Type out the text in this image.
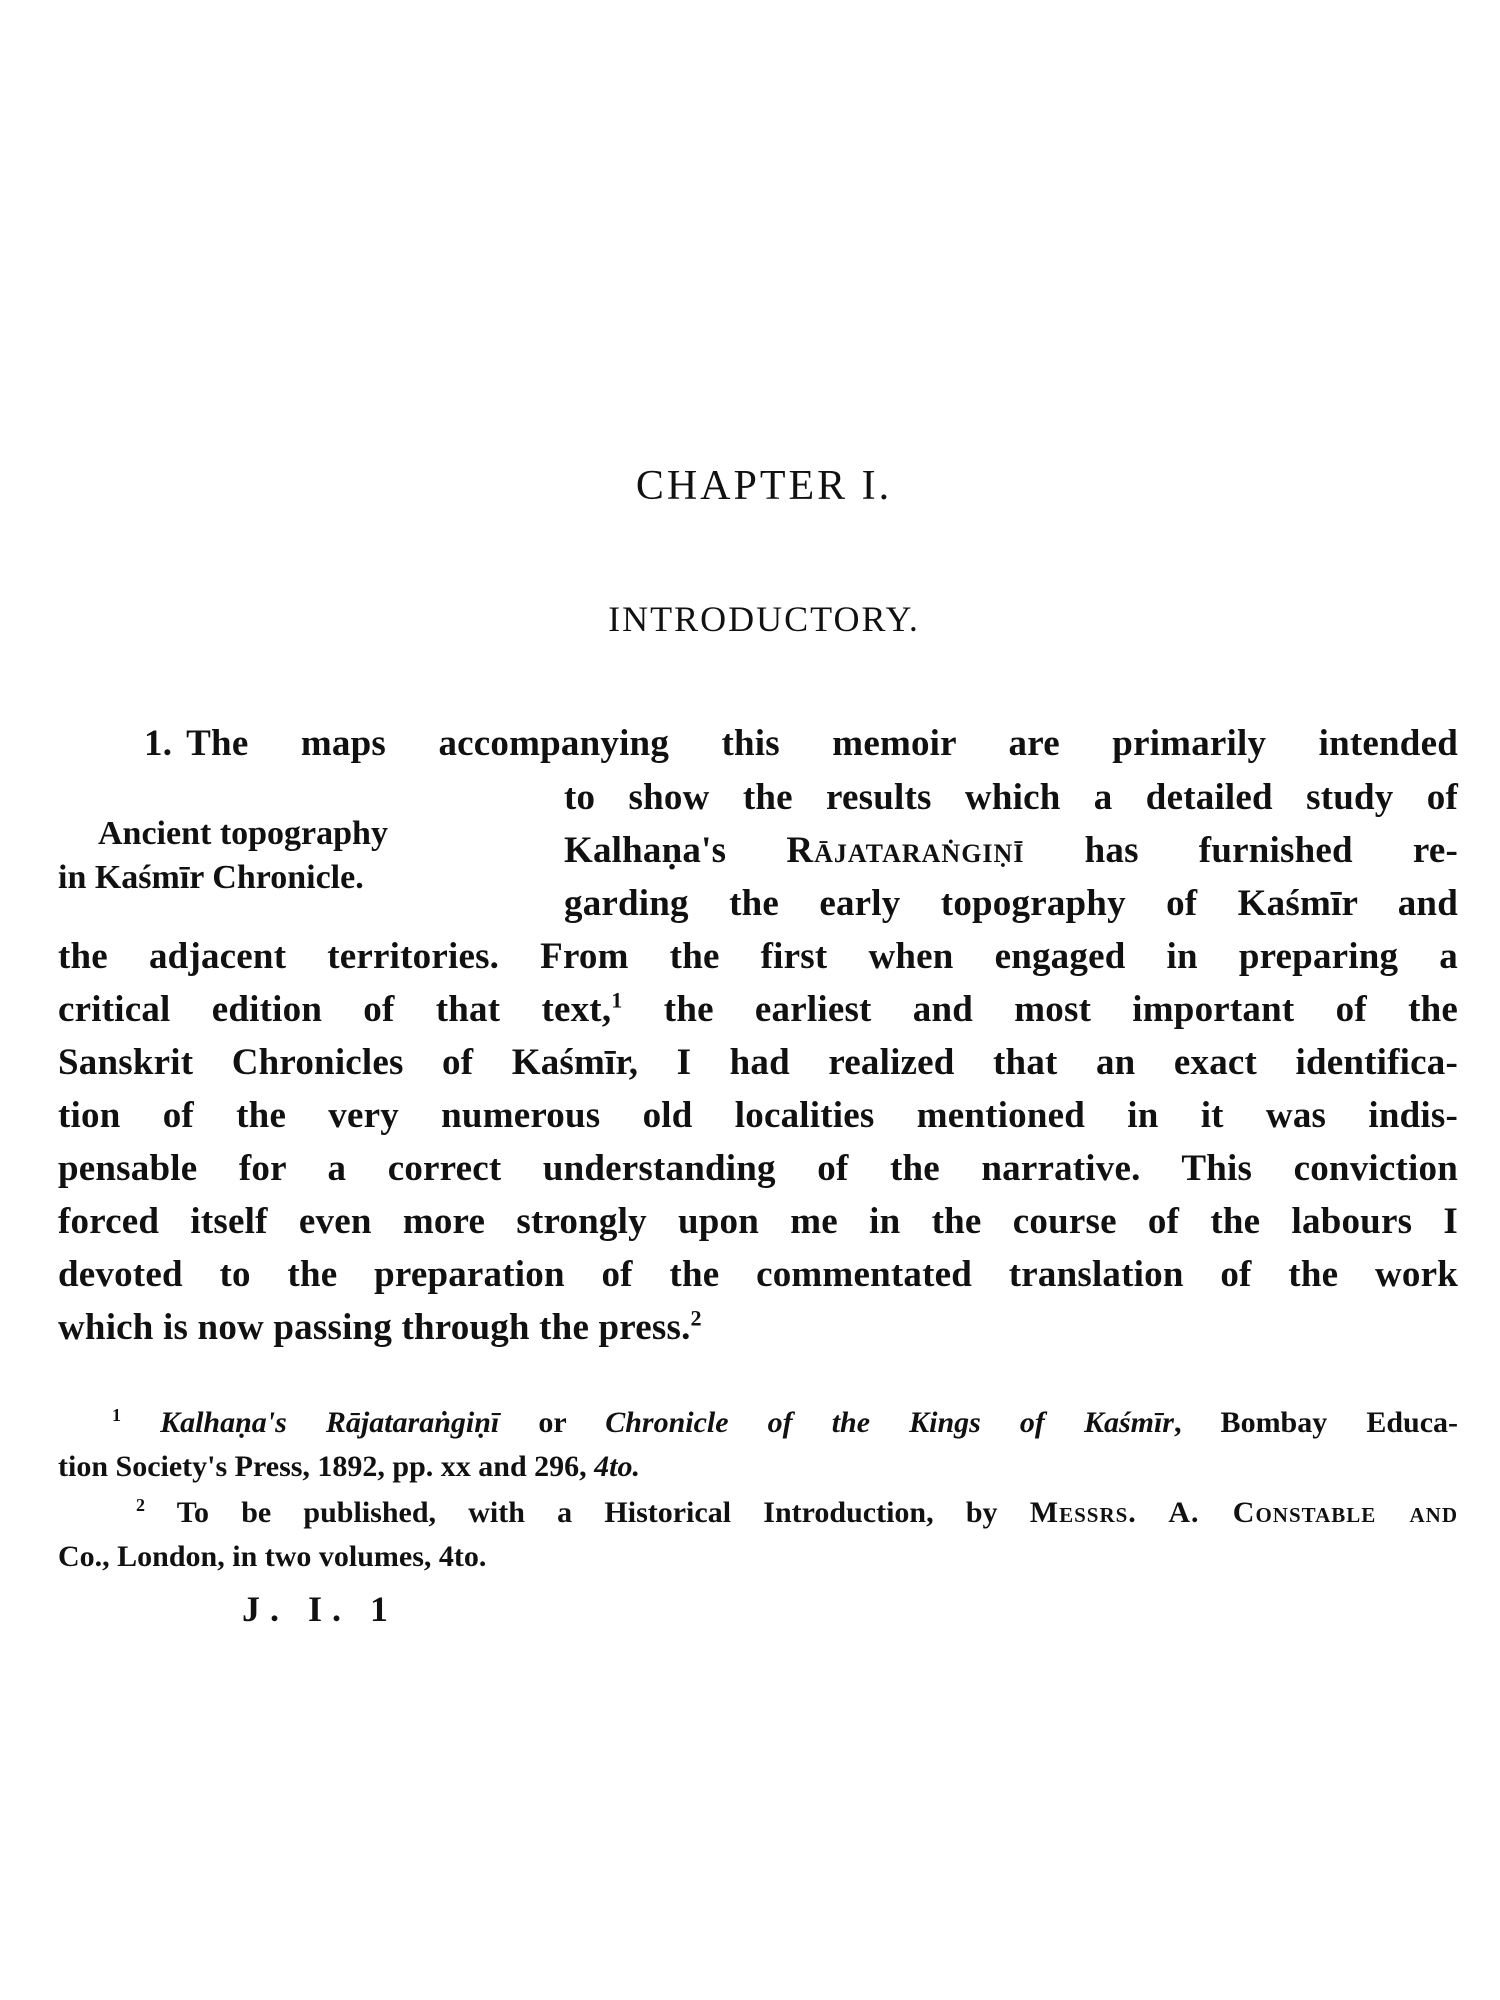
CHAPTER I.
INTRODUCTORY.
1. The maps accompanying this memoir are primarily intended
Ancient topography
in Kaśmīr Chronicle.
to show the results which a detailed study of
Kalhaṇa's Rājataraṅgiṇī has furnished re-
garding the early topography of Kaśmīr and
the adjacent territories. From the first when engaged in preparing a
critical edition of that text,$^1$ the earliest and most important of the
Sanskrit Chronicles of Kaśmīr, I had realized that an exact identifica-
tion of the very numerous old localities mentioned in it was indis-
pensable for a correct understanding of the narrative. This conviction
forced itself even more strongly upon me in the course of the labours I
devoted to the preparation of the commentated translation of the work
which is now passing through the press.$^2$
$^1$ Kalhaṇa's Rājataraṅgiṇī or Chronicle of the Kings of Kaśmīr, Bombay Educa-
tion Society's Press, 1892, pp. xx and 296, 4to.
$^2$ To be published, with a Historical Introduction, by Messrs. A. Constable and
Co., London, in two volumes, 4to.
J. I. 1
